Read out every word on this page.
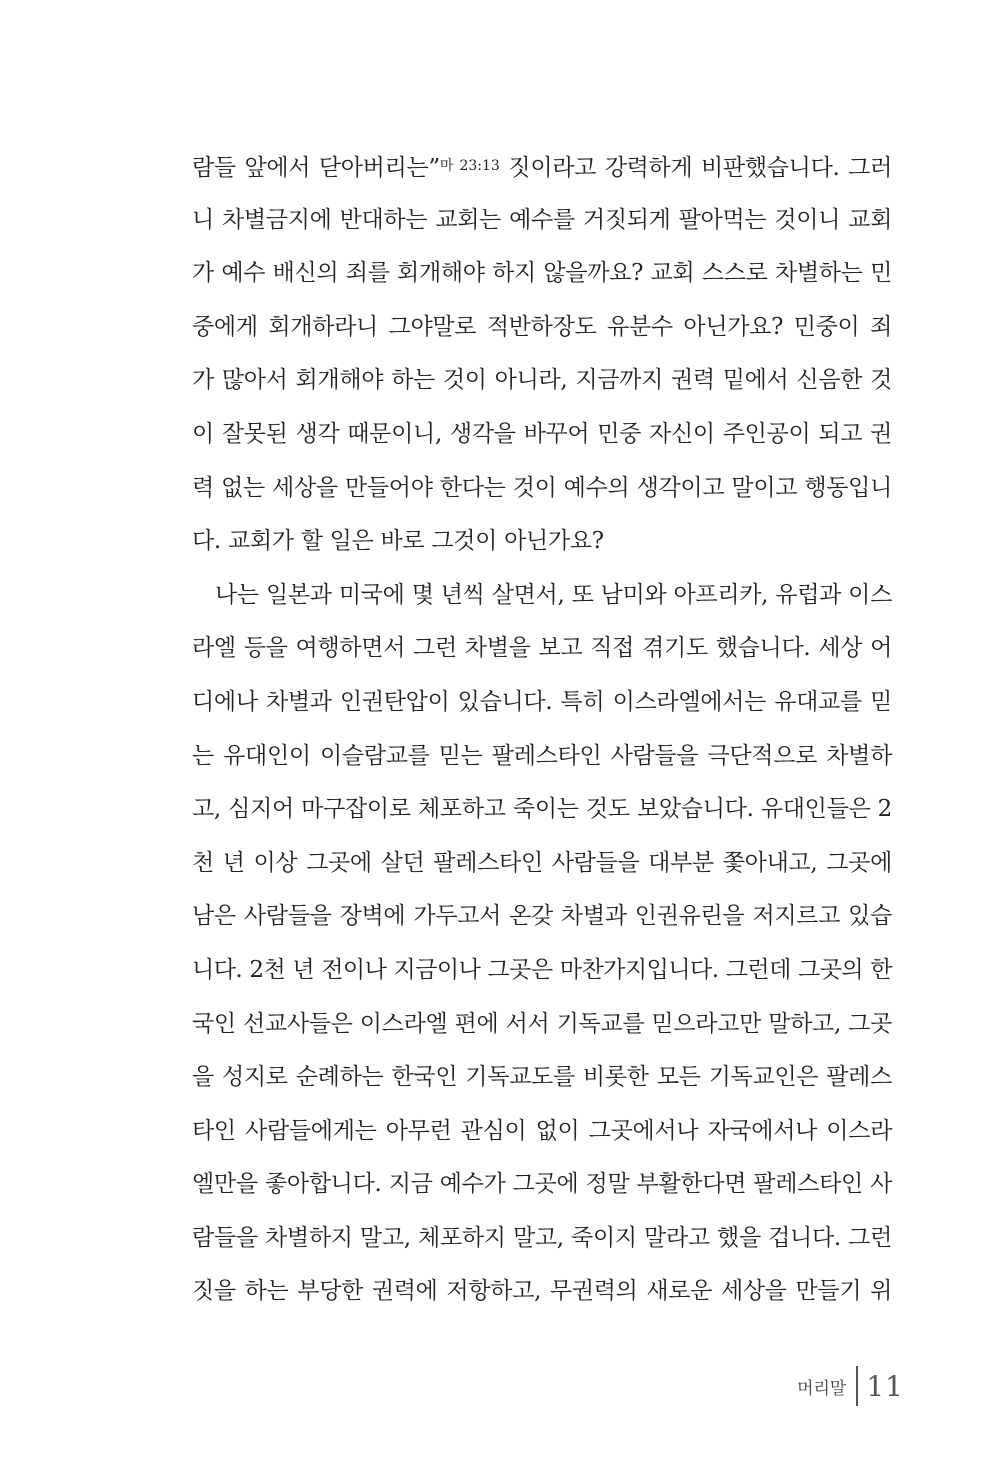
람들 앞에서 닫아버리는”$^{마 23:13}$ 짓이라고 강력하게 비판했습니다. 그러
니 차별금지에 반대하는 교회는 예수를 거짓되게 팔아먹는 것이니 교회
가 예수 배신의 죄를 회개해야 하지 않을까요? 교회 스스로 차별하는 민
중에게 회개하라니 그야말로 적반하장도 유분수 아닌가요? 민중이 죄
가 많아서 회개해야 하는 것이 아니라, 지금까지 권력 밑에서 신음한 것
이 잘못된 생각 때문이니, 생각을 바꾸어 민중 자신이 주인공이 되고 권
력 없는 세상을 만들어야 한다는 것이 예수의 생각이고 말이고 행동입니
다. 교회가 할 일은 바로 그것이 아닌가요?
나는 일본과 미국에 몇 년씩 살면서, 또 남미와 아프리카, 유럽과 이스
라엘 등을 여행하면서 그런 차별을 보고 직접 겪기도 했습니다. 세상 어
디에나 차별과 인권탄압이 있습니다. 특히 이스라엘에서는 유대교를 믿
는 유대인이 이슬람교를 믿는 팔레스타인 사람들을 극단적으로 차별하
고, 심지어 마구잡이로 체포하고 죽이는 것도 보았습니다. 유대인들은 2
천 년 이상 그곳에 살던 팔레스타인 사람들을 대부분 쫓아내고, 그곳에
남은 사람들을 장벽에 가두고서 온갖 차별과 인권유린을 저지르고 있습
니다. 2천 년 전이나 지금이나 그곳은 마찬가지입니다. 그런데 그곳의 한
국인 선교사들은 이스라엘 편에 서서 기독교를 믿으라고만 말하고, 그곳
을 성지로 순례하는 한국인 기독교도를 비롯한 모든 기독교인은 팔레스
타인 사람들에게는 아무런 관심이 없이 그곳에서나 자국에서나 이스라
엘만을 좋아합니다. 지금 예수가 그곳에 정말 부활한다면 팔레스타인 사
람들을 차별하지 말고, 체포하지 말고, 죽이지 말라고 했을 겁니다. 그런
짓을 하는 부당한 권력에 저항하고, 무권력의 새로운 세상을 만들기 위
머리말 11
